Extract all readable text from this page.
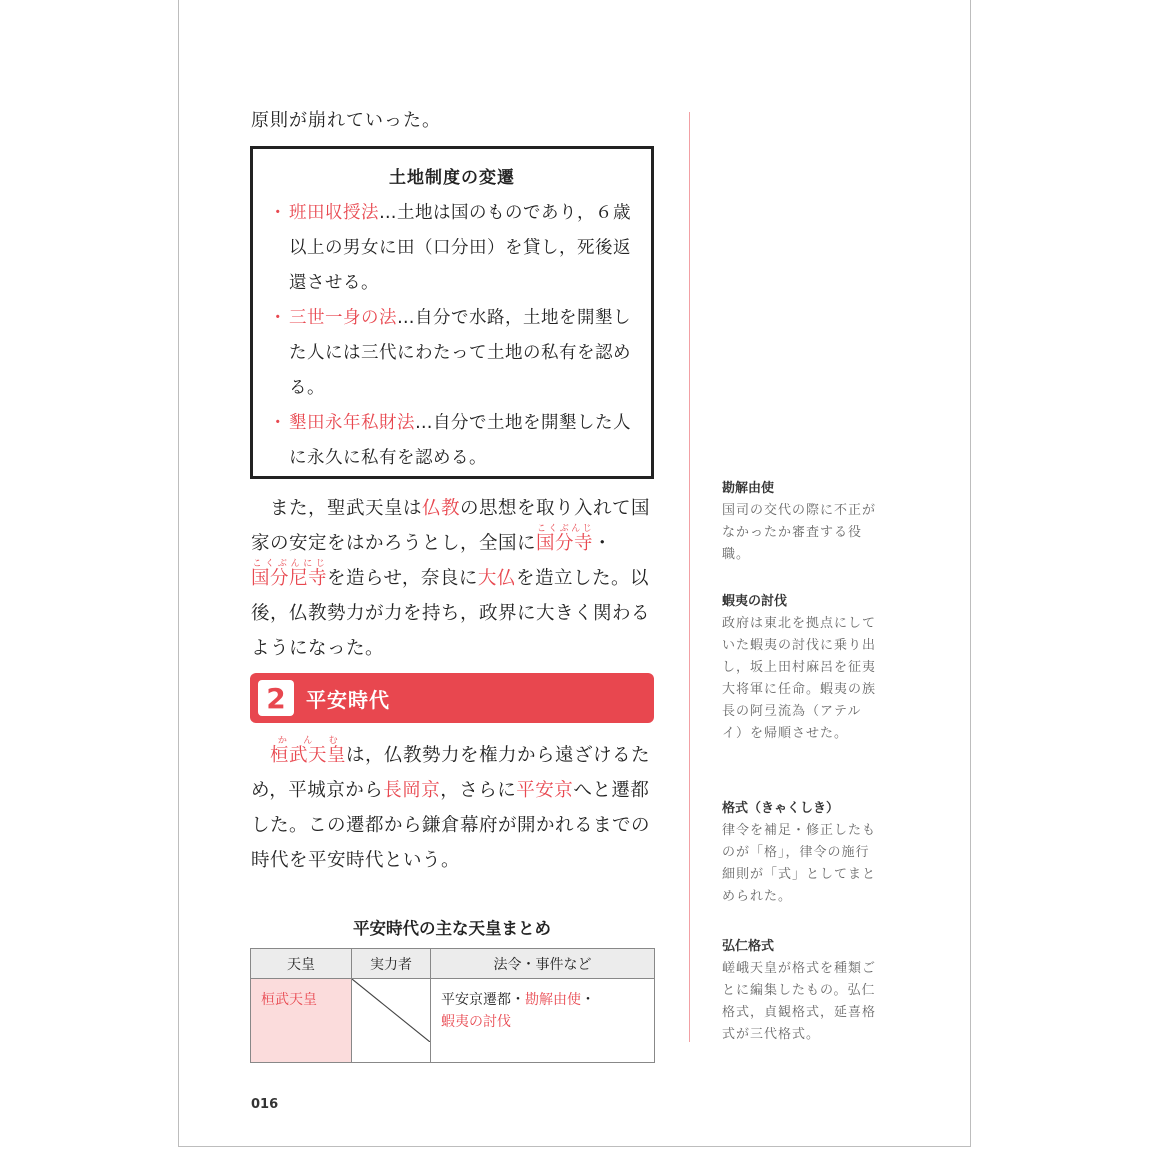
原則が崩れていった。
土地制度の変遷
・ 班田収授法…土地は国のものであり，６歳以上の男女に田（口分田）を貸し，死後返還させる。
・ 三世一身の法…自分で水路，土地を開墾した人には三代にわたって土地の私有を認める。
・ 墾田永年私財法…自分で土地を開墾した人に永久に私有を認める。
また，聖武天皇は仏教の思想を取り入れて国家の安定をはかろうとし，全国に国分寺こくぶんじ・国分尼寺こくぶんにじを造らせ，奈良に大仏を造立した。以後，仏教勢力が力を持ち，政界に大きく関わるようになった。
2	平安時代
桓武天皇かんむは，仏教勢力を権力から遠ざけるため，平城京から長岡京，さらに平安京へと遷都した。この遷都から鎌倉幕府が開かれるまでの時代を平安時代という。
平安時代の主な天皇まとめ
天皇	実力者	法令・事件など
桓武天皇		平安京遷都・勘解由使・
蝦夷の討伐
勘解由使

国司の交代の際に不正がなかったか審査する役職。

蝦夷の討伐

政府は東北を拠点にしていた蝦夷の討伐に乗り出し，坂上田村麻呂を征夷大将軍に任命。蝦夷の族長の阿弖流為（アテルイ）を帰順させた。

格式（きゃくしき）

律令を補足・修正したものが「格」，律令の施行細則が「式」としてまとめられた。

弘仁格式

嵯峨天皇が格式を種類ごとに編集したもの。弘仁格式，貞観格式，延喜格式が三代格式。

016
